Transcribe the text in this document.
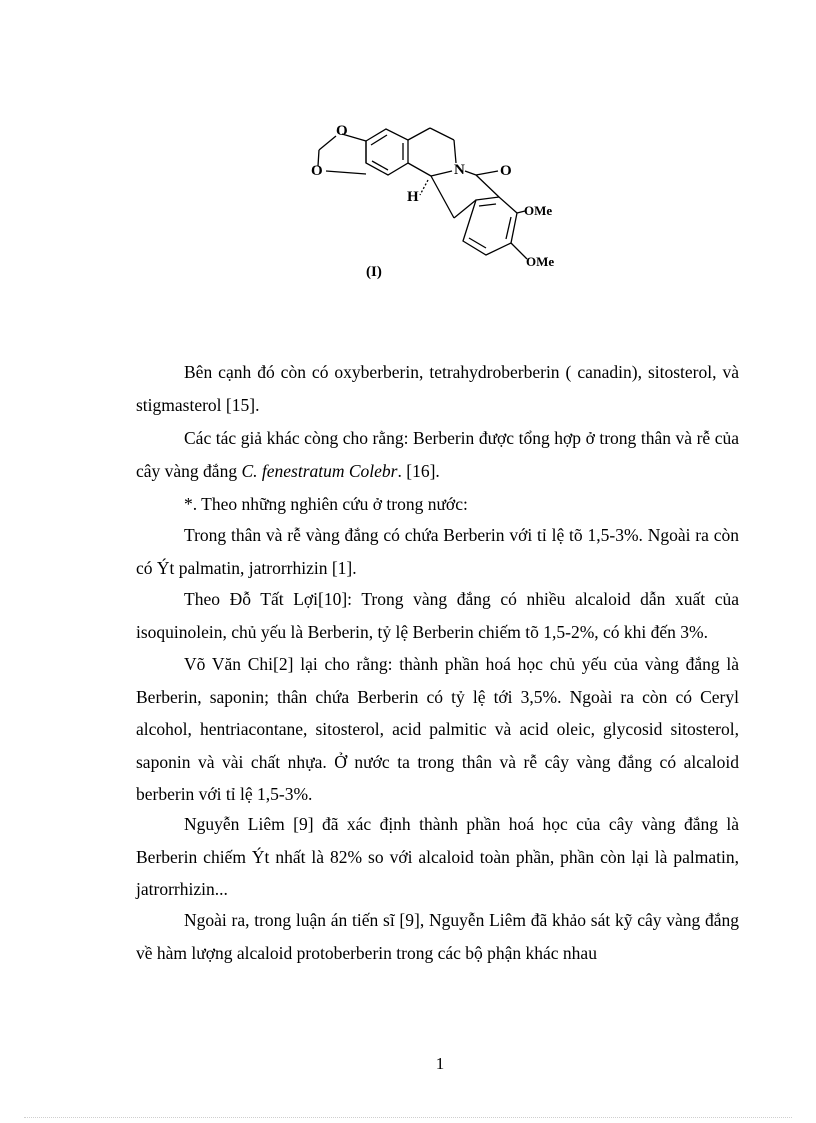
O
O	N O
H
OMe
OMe
(I)

Bên cạnh đó còn có oxyberberin, tetrahydroberberin ( canadin), sitosterol, và stigmasterol [15].

Các tác giả khác còng cho rằng: Berberin được tổng hợp ở trong thân và rễ của cây vàng đắng C. fenestratum Colebr. [16].

*. Theo những nghiên cứu ở trong nước:

Trong thân và rễ vàng đắng có chứa Berberin với tỉ lệ tõ 1,5-3%. Ngoài ra còn có Ýt palmatin, jatrorrhizin [1].

Theo Đỗ Tất Lợi[10]: Trong vàng đắng có nhiều alcaloid dẫn xuất của isoquinolein, chủ yếu là Berberin, tỷ lệ Berberin chiếm tõ 1,5-2%, có khi đến 3%.

Võ Văn Chi[2] lại cho rằng: thành phần hoá học chủ yếu của vàng đắng là Berberin, saponin; thân chứa Berberin có tỷ lệ tới 3,5%. Ngoài ra còn có Ceryl alcohol, hentriacontane, sitosterol, acid palmitic và acid oleic, glycosid sitosterol, saponin và vài chất nhựa. Ở nước ta trong thân và rễ cây vàng đắng có alcaloid berberin với tỉ lệ 1,5-3%.

Nguyễn Liêm [9] đã xác định thành phần hoá học của cây vàng đắng là Berberin chiếm Ýt nhất là 82% so với alcaloid toàn phần, phần còn lại là palmatin, jatrorrhizin...

Ngoài ra, trong luận án tiến sĩ [9], Nguyễn Liêm đã khảo sát kỹ cây vàng đắng về hàm lượng alcaloid protoberberin trong các bộ phận khác nhau

1
